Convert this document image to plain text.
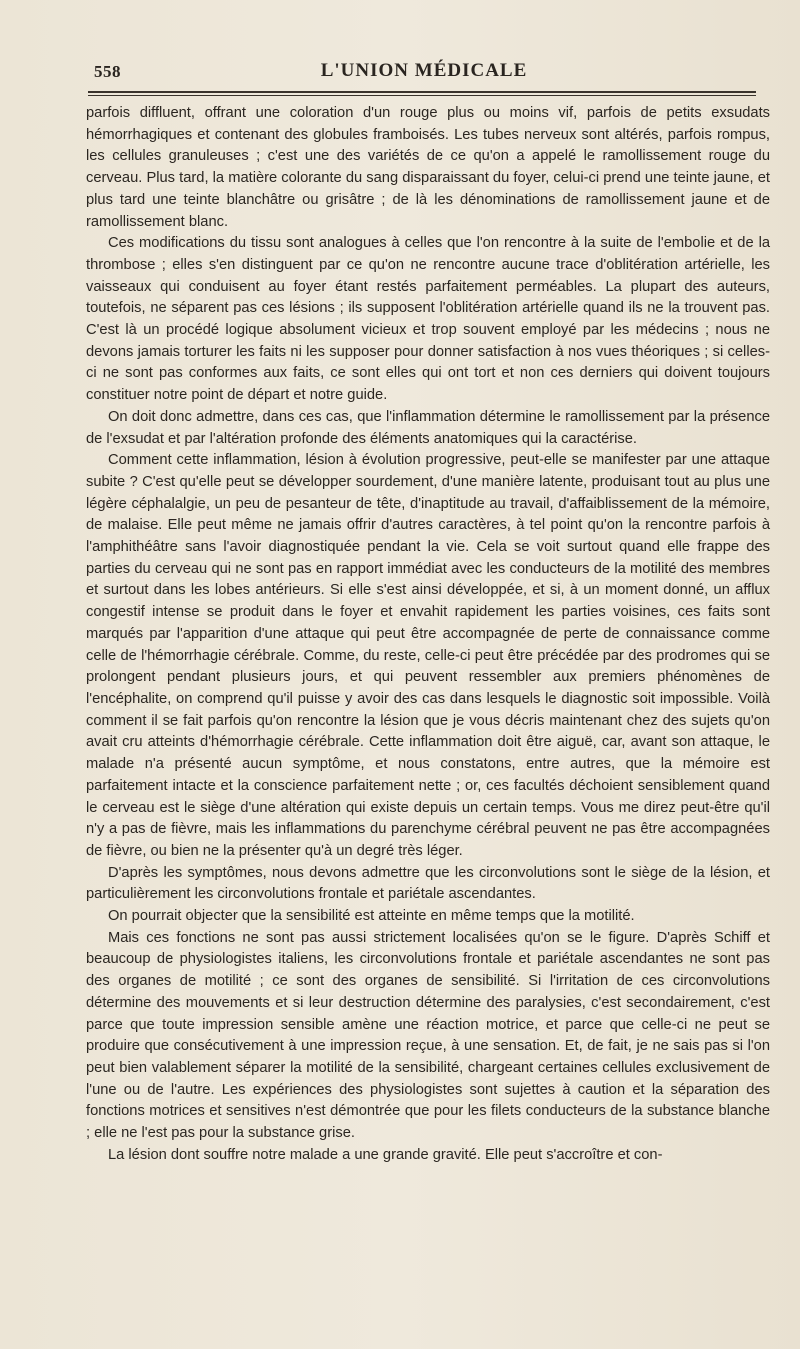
558	L'UNION MÉDICALE

parfois diffluent, offrant une coloration d'un rouge plus ou moins vif, parfois de petits exsudats hémorrhagiques et contenant des globules framboisés. Les tubes nerveux sont altérés, parfois rompus, les cellules granuleuses ; c'est une des variétés de ce qu'on a appelé le ramollissement rouge du cerveau. Plus tard, la matière colorante du sang disparaissant du foyer, celui-ci prend une teinte jaune, et plus tard une teinte blanchâtre ou grisâtre ; de là les dénominations de ramollissement jaune et de ramollissement blanc.

Ces modifications du tissu sont analogues à celles que l'on rencontre à la suite de l'embolie et de la thrombose ; elles s'en distinguent par ce qu'on ne rencontre aucune trace d'oblitération artérielle, les vaisseaux qui conduisent au foyer étant restés parfaitement perméables. La plupart des auteurs, toutefois, ne séparent pas ces lésions ; ils supposent l'oblitération artérielle quand ils ne la trouvent pas. C'est là un procédé logique absolument vicieux et trop souvent employé par les médecins ; nous ne devons jamais torturer les faits ni les supposer pour donner satisfaction à nos vues théoriques ; si celles-ci ne sont pas conformes aux faits, ce sont elles qui ont tort et non ces derniers qui doivent toujours constituer notre point de départ et notre guide.

On doit donc admettre, dans ces cas, que l'inflammation détermine le ramollissement par la présence de l'exsudat et par l'altération profonde des éléments anatomiques qui la caractérise.

Comment cette inflammation, lésion à évolution progressive, peut-elle se manifester par une attaque subite ? C'est qu'elle peut se développer sourdement, d'une manière latente, produisant tout au plus une légère céphalalgie, un peu de pesanteur de tête, d'inaptitude au travail, d'affaiblissement de la mémoire, de malaise. Elle peut même ne jamais offrir d'autres caractères, à tel point qu'on la rencontre parfois à l'amphithéâtre sans l'avoir diagnostiquée pendant la vie. Cela se voit surtout quand elle frappe des parties du cerveau qui ne sont pas en rapport immédiat avec les conducteurs de la motilité des membres et surtout dans les lobes antérieurs. Si elle s'est ainsi développée, et si, à un moment donné, un afflux congestif intense se produit dans le foyer et envahit rapidement les parties voisines, ces faits sont marqués par l'apparition d'une attaque qui peut être accompagnée de perte de connaissance comme celle de l'hémorrhagie cérébrale. Comme, du reste, celle-ci peut être précédée par des prodromes qui se prolongent pendant plusieurs jours, et qui peuvent ressembler aux premiers phénomènes de l'encéphalite, on comprend qu'il puisse y avoir des cas dans lesquels le diagnostic soit impossible. Voilà comment il se fait parfois qu'on rencontre la lésion que je vous décris maintenant chez des sujets qu'on avait cru atteints d'hémorrhagie cérébrale. Cette inflammation doit être aiguë, car, avant son attaque, le malade n'a présenté aucun symptôme, et nous constatons, entre autres, que la mémoire est parfaitement intacte et la conscience parfaitement nette ; or, ces facultés déchoient sensiblement quand le cerveau est le siège d'une altération qui existe depuis un certain temps. Vous me direz peut-être qu'il n'y a pas de fièvre, mais les inflammations du parenchyme cérébral peuvent ne pas être accompagnées de fièvre, ou bien ne la présenter qu'à un degré très léger.

D'après les symptômes, nous devons admettre que les circonvolutions sont le siège de la lésion, et particulièrement les circonvolutions frontale et pariétale ascendantes.

On pourrait objecter que la sensibilité est atteinte en même temps que la motilité.

Mais ces fonctions ne sont pas aussi strictement localisées qu'on se le figure. D'après Schiff et beaucoup de physiologistes italiens, les circonvolutions frontale et pariétale ascendantes ne sont pas des organes de motilité ; ce sont des organes de sensibilité. Si l'irritation de ces circonvolutions détermine des mouvements et si leur destruction détermine des paralysies, c'est secondairement, c'est parce que toute impression sensible amène une réaction motrice, et parce que celle-ci ne peut se produire que consécutivement à une impression reçue, à une sensation. Et, de fait, je ne sais pas si l'on peut bien valablement séparer la motilité de la sensibilité, chargeant certaines cellules exclusivement de l'une ou de l'autre. Les expériences des physiologistes sont sujettes à caution et la séparation des fonctions motrices et sensitives n'est démontrée que pour les filets conducteurs de la substance blanche ; elle ne l'est pas pour la substance grise.

La lésion dont souffre notre malade a une grande gravité. Elle peut s'accroître et con-
